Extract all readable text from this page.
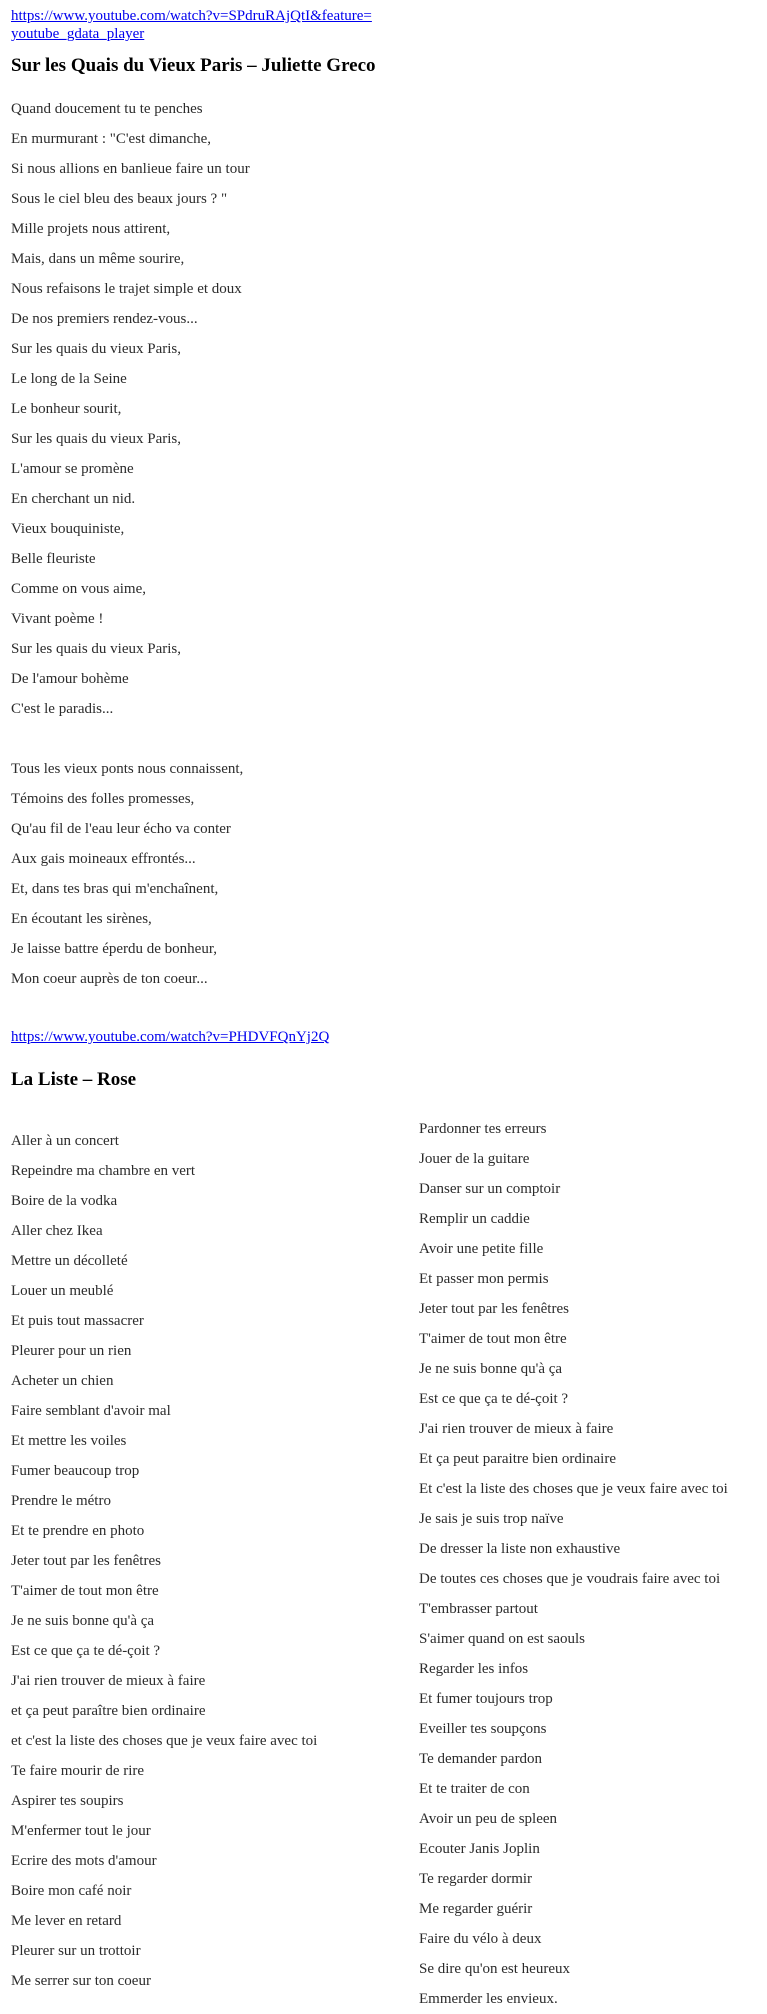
https://www.youtube.com/watch?v=SPdruRAjQtI&feature=youtube_gdata_player
Sur les Quais du Vieux Paris – Juliette Greco
Quand doucement tu te penches
En murmurant : "C'est dimanche,
Si nous allions en banlieue faire un tour
Sous le ciel bleu des beaux jours ? "
Mille projets nous attirent,
Mais, dans un même sourire,
Nous refaisons le trajet simple et doux
De nos premiers rendez-vous...
Sur les quais du vieux Paris,
Le long de la Seine
Le bonheur sourit,
Sur les quais du vieux Paris,
L'amour se promène
En cherchant un nid.
Vieux bouquiniste,
Belle fleuriste
Comme on vous aime,
Vivant poème !
Sur les quais du vieux Paris,
De l'amour bohème
C'est le paradis...
Tous les vieux ponts nous connaissent,
Témoins des folles promesses,
Qu'au fil de l'eau leur écho va conter
Aux gais moineaux effrontés...
Et, dans tes bras qui m'enchaînent,
En écoutant les sirènes,
Je laisse battre éperdu de bonheur,
Mon coeur auprès de ton coeur...
https://www.youtube.com/watch?v=PHDVFQnYj2Q
La Liste – Rose
Aller à un concert
Repeindre ma chambre en vert
Boire de la vodka
Aller chez Ikea
Mettre un décolleté
Louer un meublé
Et puis tout massacrer
Pleurer pour un rien
Acheter un chien
Faire semblant d'avoir mal
Et mettre les voiles
Fumer beaucoup trop
Prendre le métro
Et te prendre en photo
Jeter tout par les fenêtres
T'aimer de tout mon être
Je ne suis bonne qu'à ça
Est ce que ça te dé-çoit ?
J'ai rien trouver de mieux à faire
et ça peut paraître bien ordinaire
et c'est la liste des choses que je veux faire avec toi
Te faire mourir de rire
Aspirer tes soupirs
M'enfermer tout le jour
Ecrire des mots d'amour
Boire mon café noir
Me lever en retard
Pleurer sur un trottoir
Me serrer sur ton coeur
Pardonner tes erreurs
Jouer de la guitare
Danser sur un comptoir
Remplir un caddie
Avoir une petite fille
Et passer mon permis
Jeter tout par les fenêtres
T'aimer de tout mon être
Je ne suis bonne qu'à ça
Est ce que ça te dé-çoit ?
J'ai rien trouver de mieux à faire
Et ça peut paraitre bien ordinaire
Et c'est la liste des choses que je veux faire avec toi
Je sais je suis trop naïve
De dresser la liste non exhaustive
De toutes ces choses que je voudrais faire avec toi
T'embrasser partout
S'aimer quand on est saouls
Regarder les infos
Et fumer toujours trop
Eveiller tes soupçons
Te demander pardon
Et te traiter de con
Avoir un peu de spleen
Ecouter Janis Joplin
Te regarder dormir
Me regarder guérir
Faire du vélo à deux
Se dire qu'on est heureux
Emmerder les envieux.
